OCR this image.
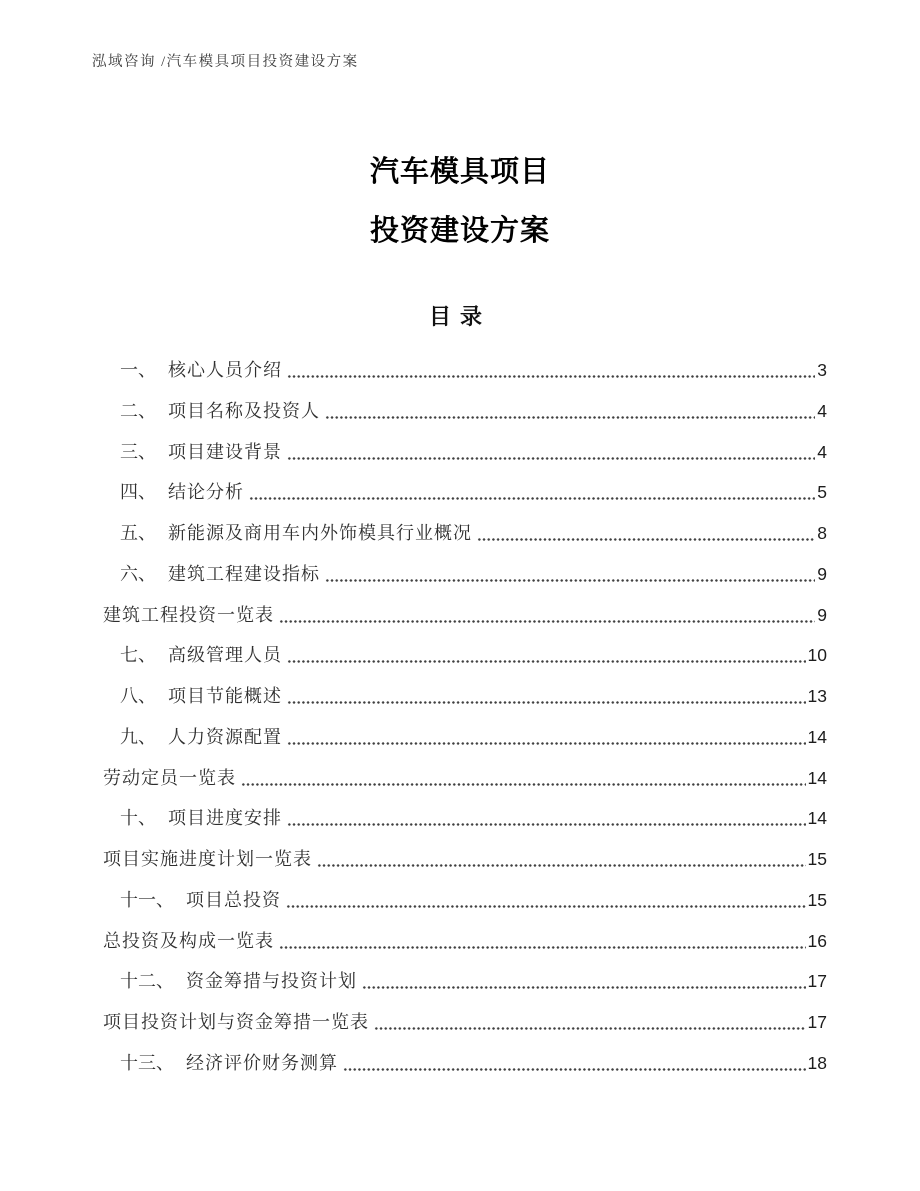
泓域咨询 /汽车模具项目投资建设方案
汽车模具项目
投资建设方案
目录
一、 核心人员介绍	3
二、 项目名称及投资人	4
三、 项目建设背景	4
四、 结论分析	5
五、 新能源及商用车内外饰模具行业概况	8
六、 建筑工程建设指标	9
建筑工程投资一览表	9
七、 高级管理人员	10
八、 项目节能概述	13
九、 人力资源配置	14
劳动定员一览表	14
十、 项目进度安排	14
项目实施进度计划一览表	15
十一、 项目总投资	15
总投资及构成一览表	16
十二、 资金筹措与投资计划	17
项目投资计划与资金筹措一览表	17
十三、 经济评价财务测算	18
